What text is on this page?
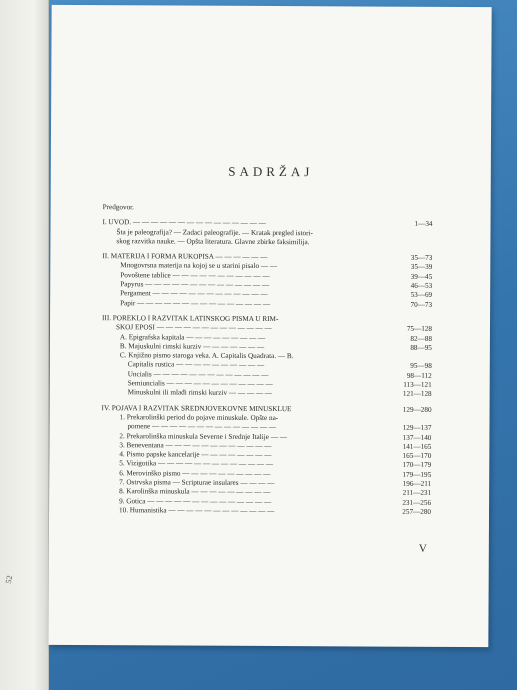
52
SADRŽAJ
Predgovor.
I. UVOD. — — — — — — — — — — — — — — —	1—34
Šta je paleografija? — Zadaci paleografije. — Kratak pregled istori-
skog razvitka nauke. — Opšta literatura. Glavne zbirke faksimilija.
II. MATERIJA I FORMA RUKOPISA — — — — — —	35—73
Mnogovrsna materija na kojoj se u starini pisalo — —	35—39
Povoštene tablice — — — — — — — — — — —	39—45
Papyrus — — — — — — — — — — — — — —	46—53
Pergament — — — — — — — — — — — — —	53—69
Papir — — — — — — — — — — — — — — —	70—73
III. POREKLO I RAZVITAK LATINSKOG PISMA U RIM-
SKOJ EPOSI — — — — — — — — — — — — —	75—128
A. Epigrafska kapitala — — — — — — — — —	82—88
B. Majuskulni rimski kurziv — — — — — — —	88—95
C. Knjižno pismo staroga veka. A. Capitalis Quadrata. — B.
Capitalis rustica — — — — — — — — — —	95—98
Uncialis — — — — — — — — — — — — —	98—112
Semiuncialis — — — — — — — — — — — —	113—121
Minuskulni ili mlađi rimski kurziv — — — — —	121—128
IV. POJAVA I RAZVITAK SREDNJOVEKOVNE MINUSKLUE	129—280
1. Prekarolinški period do pojave minuskule. Opšte na-
pomene — — — — — — — — — — — — — —	129—137
2. Prekarolinška minuskula Severne i Srednje Italije — —	137—140
3. Beneventana — — — — — — — — — — — —	141—165
4. Pismo papske kancelarije — — — — — — — —	165—170
5. Vizigotika — — — — — — — — — — — — —	170—179
6. Merovinško pismo — — — — — — — — — —	179—195
7. Ostrvska pisma — Scripturae insulares — — — —	196—211
8. Karolinška minuskula — — — — — — — — —	211—231
9. Gotica — — — — — — — — — — — — — —	231—256
10. Humanistika — — — — — — — — — — — —	257—280
V
